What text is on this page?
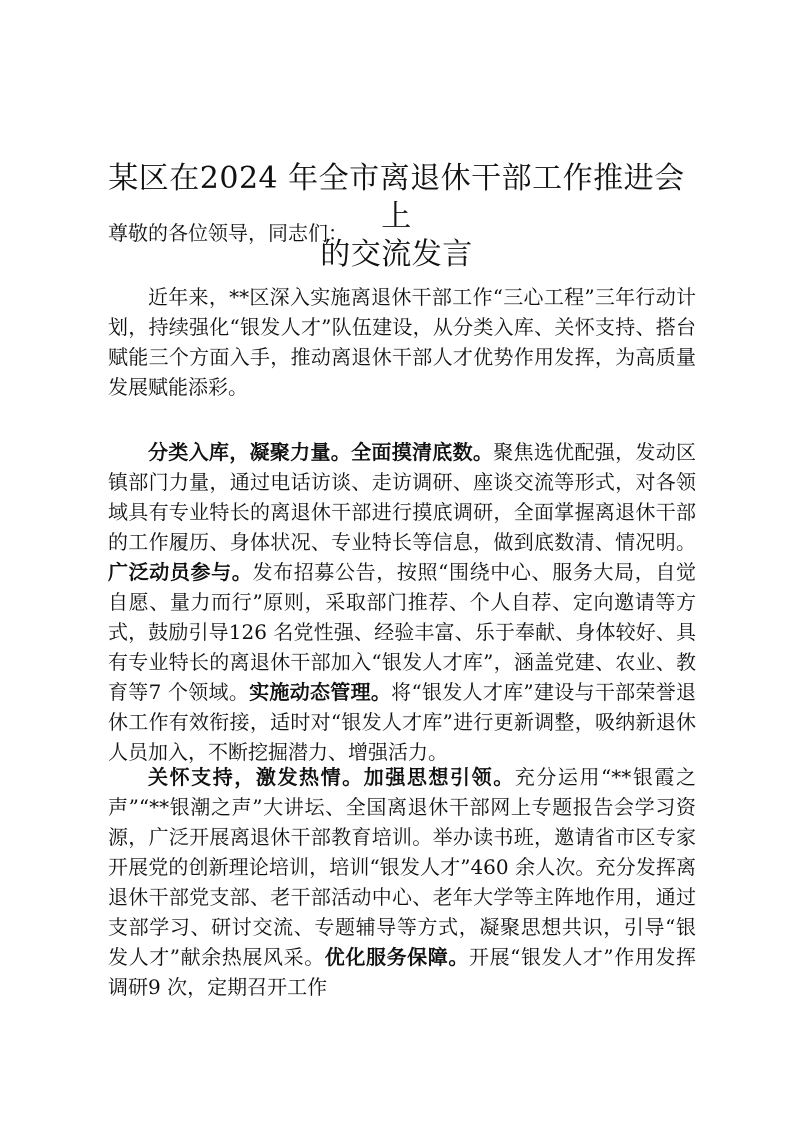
某区在2024 年全市离退休干部工作推进会上
的交流发言

尊敬的各位领导，同志们：

近年来，**区深入实施离退休干部工作“三心工程”三年行动计划，持续强化“银发人才”队伍建设，从分类入库、关怀支持、搭台赋能三个方面入手，推动离退休干部人才优势作用发挥，为高质量发展赋能添彩。

分类入库，凝聚力量。全面摸清底数。聚焦选优配强，发动区镇部门力量，通过电话访谈、走访调研、座谈交流等形式，对各领域具有专业特长的离退休干部进行摸底调研，全面掌握离退休干部的工作履历、身体状况、专业特长等信息，做到底数清、情况明。广泛动员参与。发布招募公告，按照“围绕中心、服务大局，自觉自愿、量力而行”原则，采取部门推荐、个人自荐、定向邀请等方式，鼓励引导126 名党性强、经验丰富、乐于奉献、身体较好、具有专业特长的离退休干部加入“银发人才库”，涵盖党建、农业、教育等7 个领域。实施动态管理。将“银发人才库”建设与干部荣誉退休工作有效衔接，适时对“银发人才库”进行更新调整，吸纳新退休人员加入，不断挖掘潜力、增强活力。

关怀支持，激发热情。加强思想引领。充分运用“**银霞之声”“**银潮之声”大讲坛、全国离退休干部网上专题报告会学习资源，广泛开展离退休干部教育培训。举办读书班，邀请省市区专家开展党的创新理论培训，培训“银发人才”460 余人次。充分发挥离退休干部党支部、老干部活动中心、老年大学等主阵地作用，通过支部学习、研讨交流、专题辅导等方式，凝聚思想共识，引导“银发人才”献余热展风采。优化服务保障。开展“银发人才”作用发挥调研9 次，定期召开工作
